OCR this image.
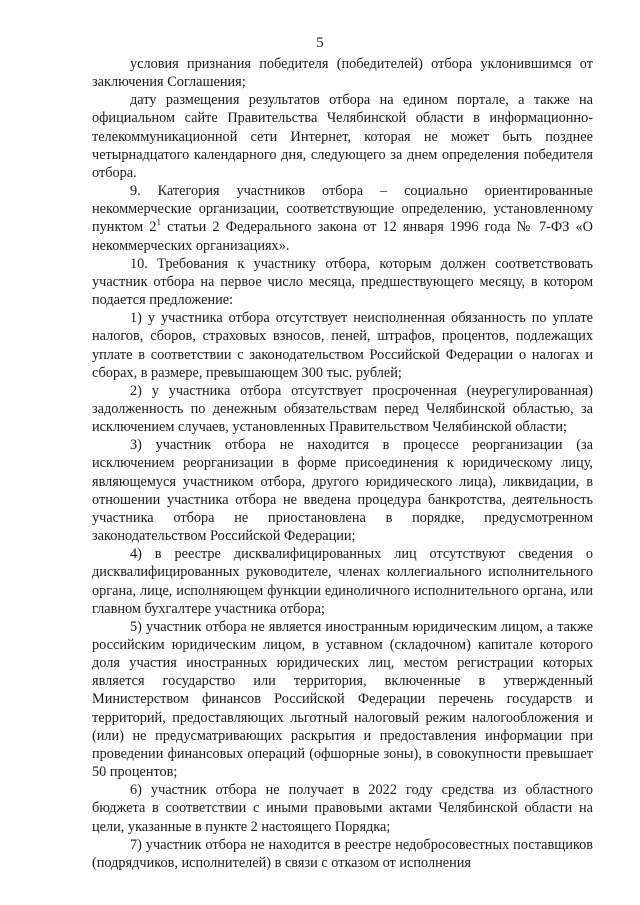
5

условия признания победителя (победителей) отбора уклонившимся от заключения Соглашения;

дату размещения результатов отбора на едином портале, а также на официальном сайте Правительства Челябинской области в информационно-телекоммуникационной сети Интернет, которая не может быть позднее четырнадцатого календарного дня, следующего за днем определения победителя отбора.

9. Категория участников отбора – социально ориентированные некоммерческие организации, соответствующие определению, установленному пунктом $2^1$ статьи 2 Федерального закона от 12 января 1996 года № 7-ФЗ «О некоммерческих организациях».

10. Требования к участнику отбора, которым должен соответствовать участник отбора на первое число месяца, предшествующего месяцу, в котором подается предложение:

1) у участника отбора отсутствует неисполненная обязанность по уплате налогов, сборов, страховых взносов, пеней, штрафов, процентов, подлежащих уплате в соответствии с законодательством Российской Федерации о налогах и сборах, в размере, превышающем 300 тыс. рублей;

2) у участника отбора отсутствует просроченная (неурегулированная) задолженность по денежным обязательствам перед Челябинской областью, за исключением случаев, установленных Правительством Челябинской области;

3) участник отбора не находится в процессе реорганизации (за исключением реорганизации в форме присоединения к юридическому лицу, являющемуся участником отбора, другого юридического лица), ликвидации, в отношении участника отбора не введена процедура банкротства, деятельность участника отбора не приостановлена в порядке, предусмотренном законодательством Российской Федерации;

4) в реестре дисквалифицированных лиц отсутствуют сведения о дисквалифицированных руководителе, членах коллегиального исполнительного органа, лице, исполняющем функции единоличного исполнительного органа, или главном бухгалтере участника отбора;

5) участник отбора не является иностранным юридическим лицом, а также российским юридическим лицом, в уставном (складочном) капитале которого доля участия иностранных юридических лиц, местом регистрации которых является государство или территория, включенные в утвержденный Министерством финансов Российской Федерации перечень государств и территорий, предоставляющих льготный налоговый режим налогообложения и (или) не предусматривающих раскрытия и предоставления информации при проведении финансовых операций (офшорные зоны), в совокупности превышает 50 процентов;

6) участник отбора не получает в 2022 году средства из областного бюджета в соответствии с иными правовыми актами Челябинской области на цели, указанные в пункте 2 настоящего Порядка;

7) участник отбора не находится в реестре недобросовестных поставщиков (подрядчиков, исполнителей) в связи с отказом от исполнения
